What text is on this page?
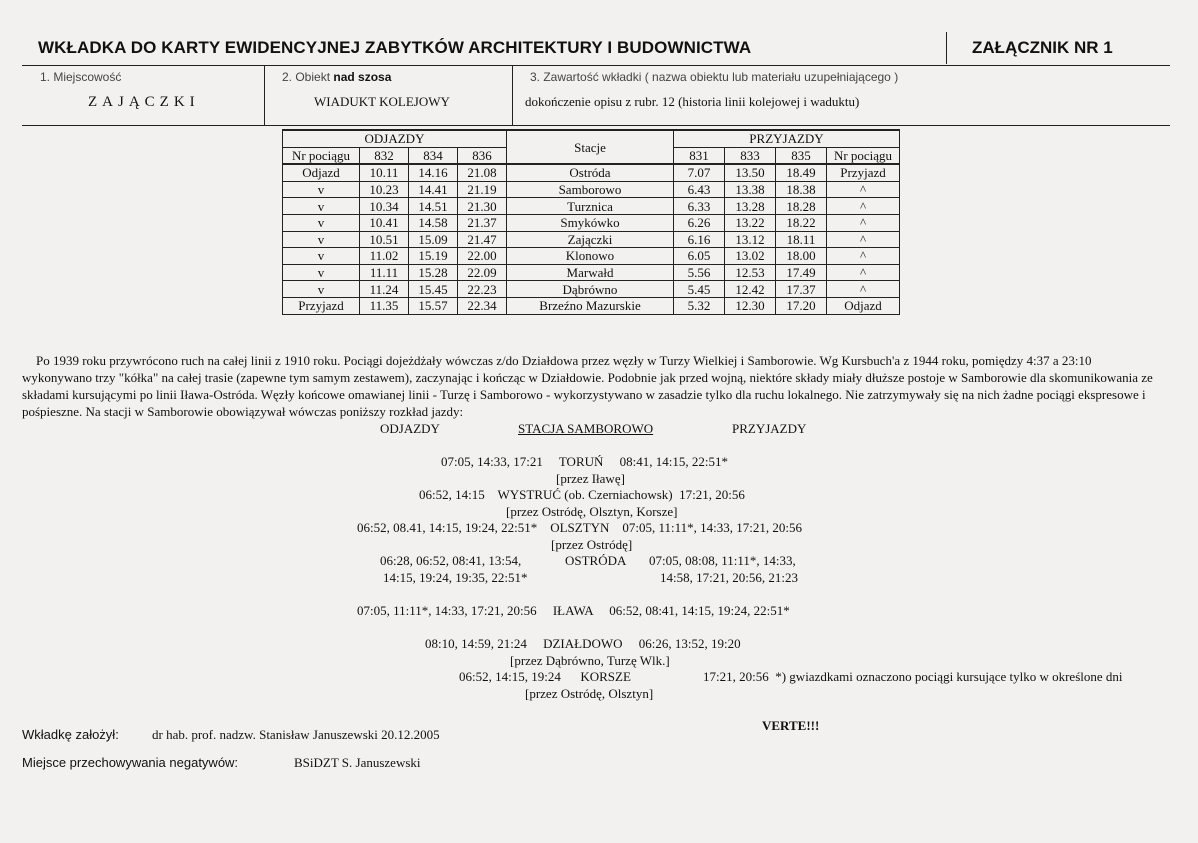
WKŁADKA DO KARTY EWIDENCYJNEJ ZABYTKÓW ARCHITEKTURY I BUDOWNICTWA	ZAŁĄCZNIK NR 1
1. Miejscowość
ZAJĄCZKI
2. Obiekt nad szosa
WIADUKT KOLEJOWY
3. Zawartość wkładki ( nazwa obiektu lub materiału uzupełniającego )
dokończenie opisu z rubr. 12 (historia linii kolejowej i waduktu)
ODJAZDY				Stacje	PRZYJAZDY			
Nr pociągu	832	834	836		831	833	835	Nr pociągu
Odjazd	10.11	14.16	21.08	Ostróda	7.07	13.50	18.49	Przyjazd
v	10.23	14.41	21.19	Samborowo	6.43	13.38	18.38	^
v	10.34	14.51	21.30	Turznica	6.33	13.28	18.28	^
v	10.41	14.58	21.37	Smykówko	6.26	13.22	18.22	^
v	10.51	15.09	21.47	Zajączki	6.16	13.12	18.11	^
v	11.02	15.19	22.00	Klonowo	6.05	13.02	18.00	^
v	11.11	15.28	22.09	Marwałd	5.56	12.53	17.49	^
v	11.24	15.45	22.23	Dąbrówno	5.45	12.42	17.37	^
Przyjazd	11.35	15.57	22.34	Brzeźno Mazurskie	5.32	12.30	17.20	Odjazd
Po 1939 roku przywrócono ruch na całej linii z 1910 roku. Pociągi dojeżdżały wówczas z/do Działdowa przez węzły w Turzy Wielkiej i Samborowie. Wg Kursbuch'a z 1944 roku, pomiędzy 4:37 a 23:10 wykonywano trzy "kółka" na całej trasie (zapewne tym samym zestawem), zaczynając i kończąc w Działdowie. Podobnie jak przed wojną, niektóre składy miały dłuższe postoje w Samborowie dla skomunikowania ze składami kursującymi po linii Iława-Ostróda. Węzły końcowe omawianej linii - Turzę i Samborowo - wykorzystywano w zasadzie tylko dla ruchu lokalnego. Nie zatrzymywały się na nich żadne pociągi ekspresowe i pośpieszne. Na stacji w Samborowie obowiązywał wówczas poniższy rozkład jazdy:
ODJAZDY	STACJA SAMBOROWO	PRZYJAZDY
07:05, 14:33, 17:21     TORUŃ     08:41, 14:15, 22:51*
[przez Iławę]
06:52, 14:15    WYSTRUĆ (ob. Czerniachowsk)  17:21, 20:56
[przez Ostródę, Olsztyn, Korsze]
06:52, 08.41, 14:15, 19:24, 22:51*    OLSZTYN    07:05, 11:11*, 14:33, 17:21, 20:56
[przez Ostródę]
06:28, 06:52, 08:41, 13:54,	OSTRÓDA 07:05, 08:08, 11:11*, 14:33,
14:15, 19:24, 19:35, 22:51*	14:58, 17:21, 20:56, 21:23
07:05, 11:11*, 14:33, 17:21, 20:56     IŁAWA     06:52, 08:41, 14:15, 19:24, 22:51*
08:10, 14:59, 21:24     DZIAŁDOWO     06:26, 13:52, 19:20
[przez Dąbrówno, Turzę Wlk.]
06:52, 14:15, 19:24      KORSZE	17:21, 20:56  *) gwiazdkami oznaczono pociągi kursujące tylko w określone dni
[przez Ostródę, Olsztyn]
Wkładkę założył:	dr hab. prof. nadzw. Stanisław Januszewski 20.12.2005
VERTE!!!
Miejsce przechowywania negatywów:	BSiDZT S. Januszewski
